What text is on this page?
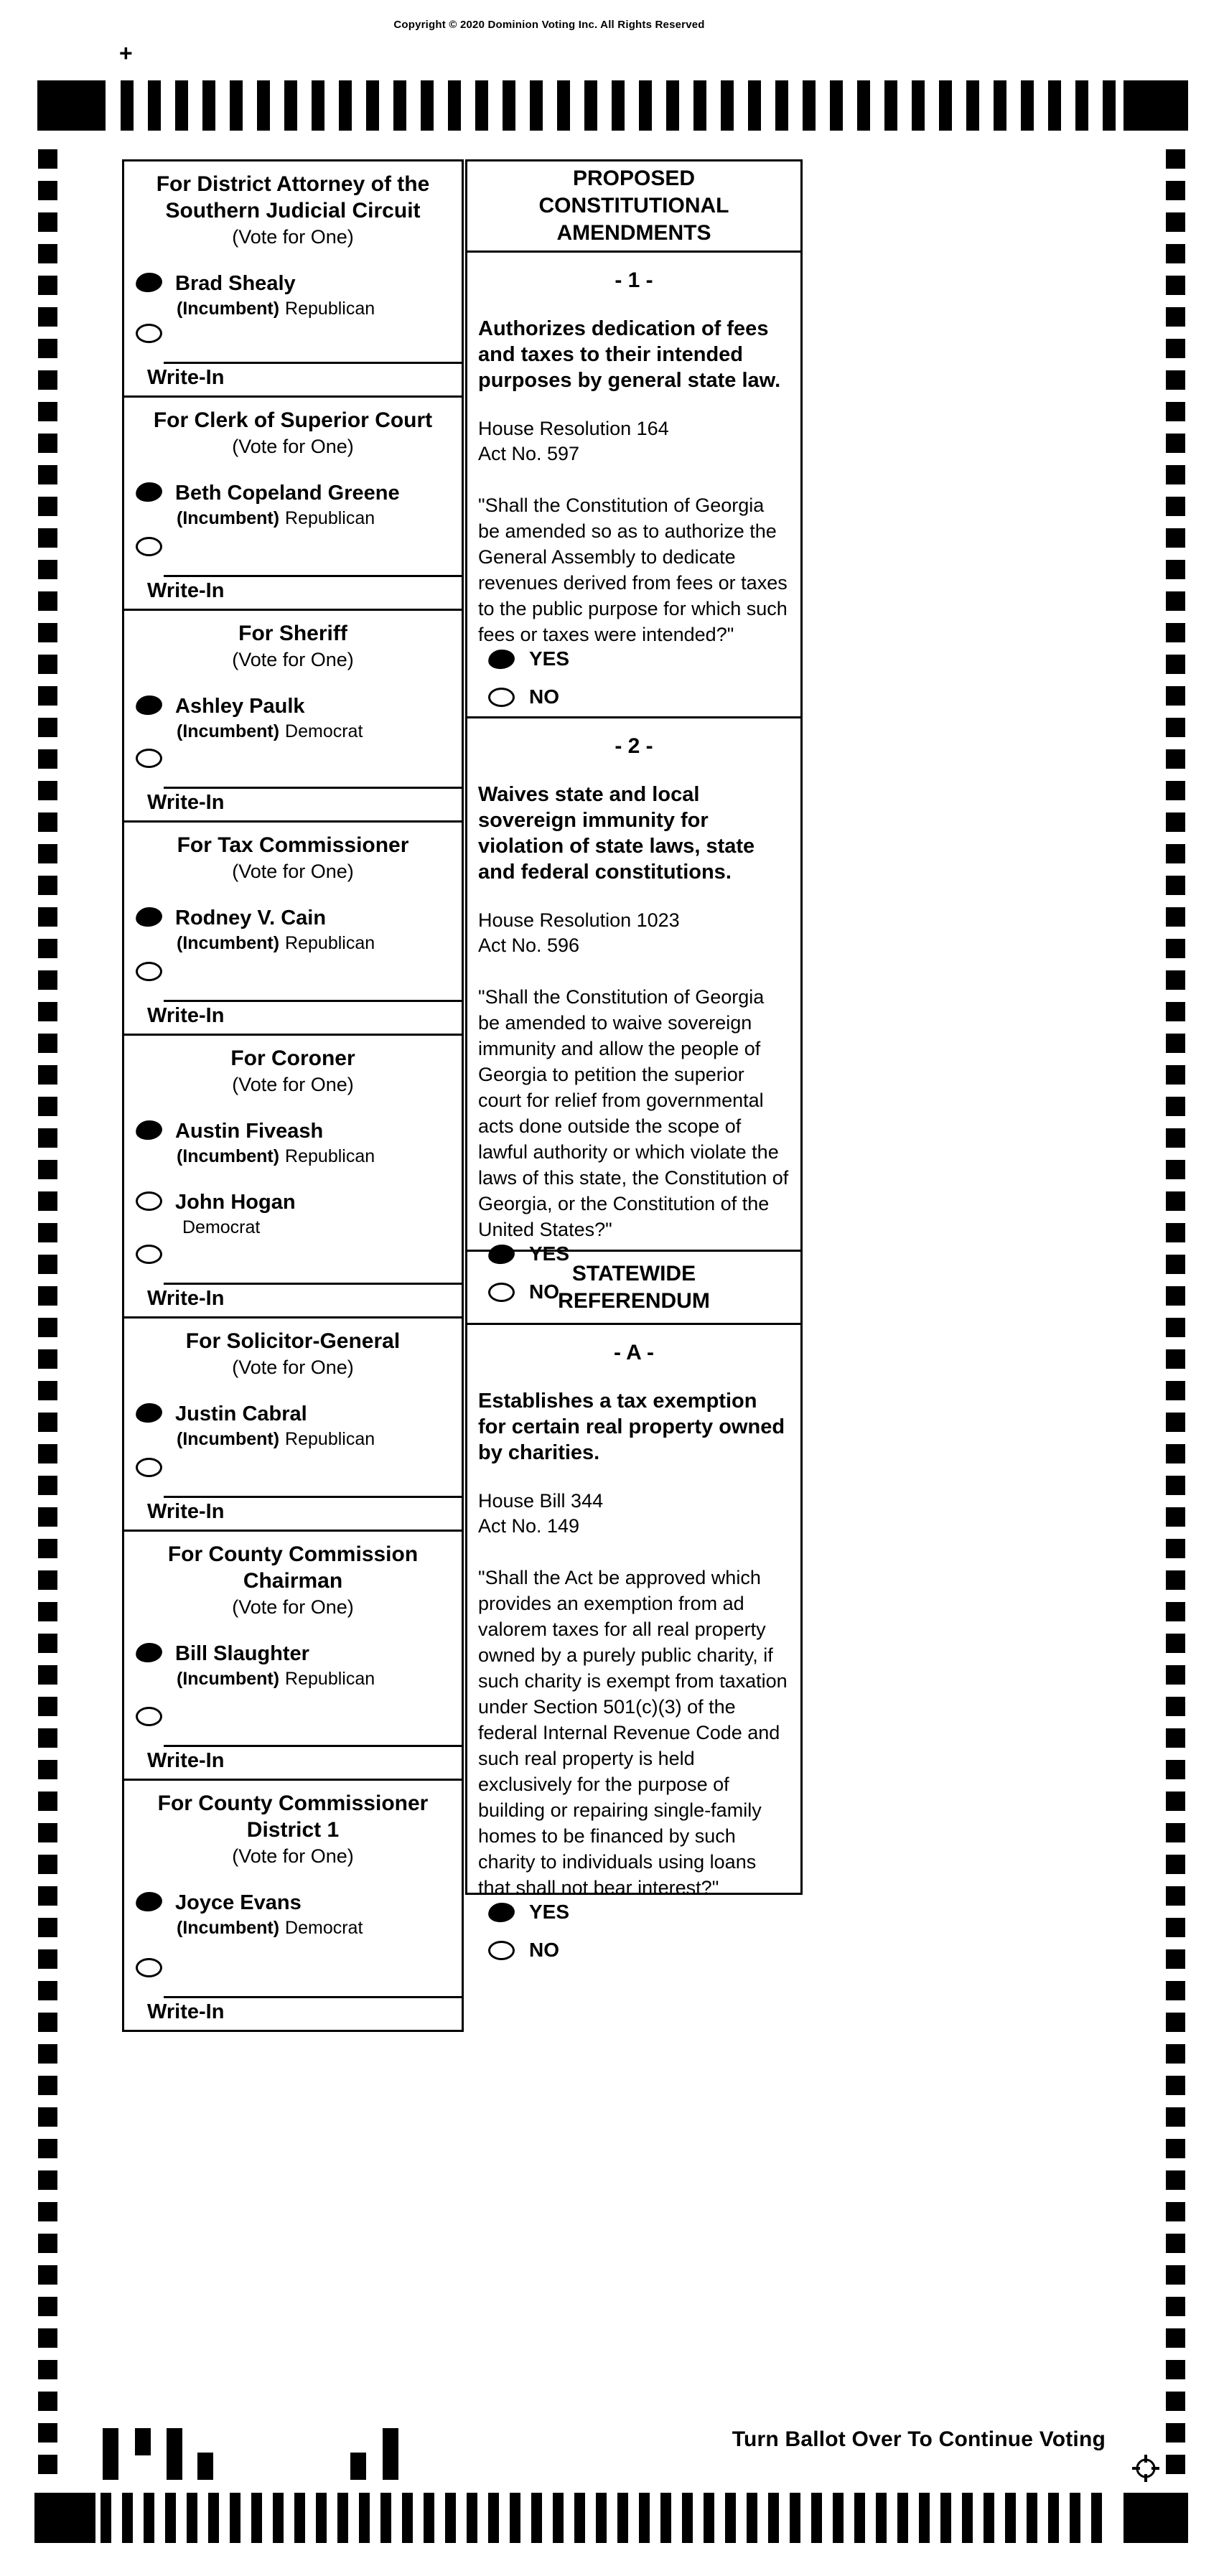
Copyright © 2020 Dominion Voting Inc. All Rights Reserved
+
For District Attorney of the
Southern Judicial Circuit
(Vote for One)
Brad Shealy
(Incumbent) Republican
Write-In
For Clerk of Superior Court
(Vote for One)
Beth Copeland Greene
(Incumbent) Republican
Write-In
For Sheriff
(Vote for One)
Ashley Paulk
(Incumbent) Democrat
Write-In
For Tax Commissioner
(Vote for One)
Rodney V. Cain
(Incumbent) Republican
Write-In
For Coroner
(Vote for One)
Austin Fiveash
(Incumbent) Republican
John Hogan
Democrat
Write-In
For Solicitor-General
(Vote for One)
Justin Cabral
(Incumbent) Republican
Write-In
For County Commission
Chairman
(Vote for One)
Bill Slaughter
(Incumbent) Republican
Write-In
For County Commissioner
District 1
(Vote for One)
Joyce Evans
(Incumbent) Democrat
Write-In
PROPOSED
CONSTITUTIONAL
AMENDMENTS
- 1 -
Authorizes dedication of fees and taxes to their intended purposes by general state law.
House Resolution 164
Act No. 597
"Shall the Constitution of Georgia be amended so as to authorize the General Assembly to dedicate revenues derived from fees or taxes to the public purpose for which such fees or taxes were intended?"
YES
NO
- 2 -
Waives state and local sovereign immunity for violation of state laws, state and federal constitutions.
House Resolution 1023
Act No. 596
"Shall the Constitution of Georgia be amended to waive sovereign immunity and allow the people of Georgia to petition the superior court for relief from governmental acts done outside the scope of lawful authority or which violate the laws of this state, the Constitution of Georgia, or the Constitution of the United States?"
YES
NO
STATEWIDE
REFERENDUM
- A -
Establishes a tax exemption for certain real property owned by charities.
House Bill 344
Act No. 149
"Shall the Act be approved which provides an exemption from ad valorem taxes for all real property owned by a purely public charity, if such charity is exempt from taxation under Section 501(c)(3) of the federal Internal Revenue Code and such real property is held exclusively for the purpose of building or repairing single-family homes to be financed by such charity to individuals using loans that shall not bear interest?"
YES
NO
45	Turn Ballot Over To Continue Voting
